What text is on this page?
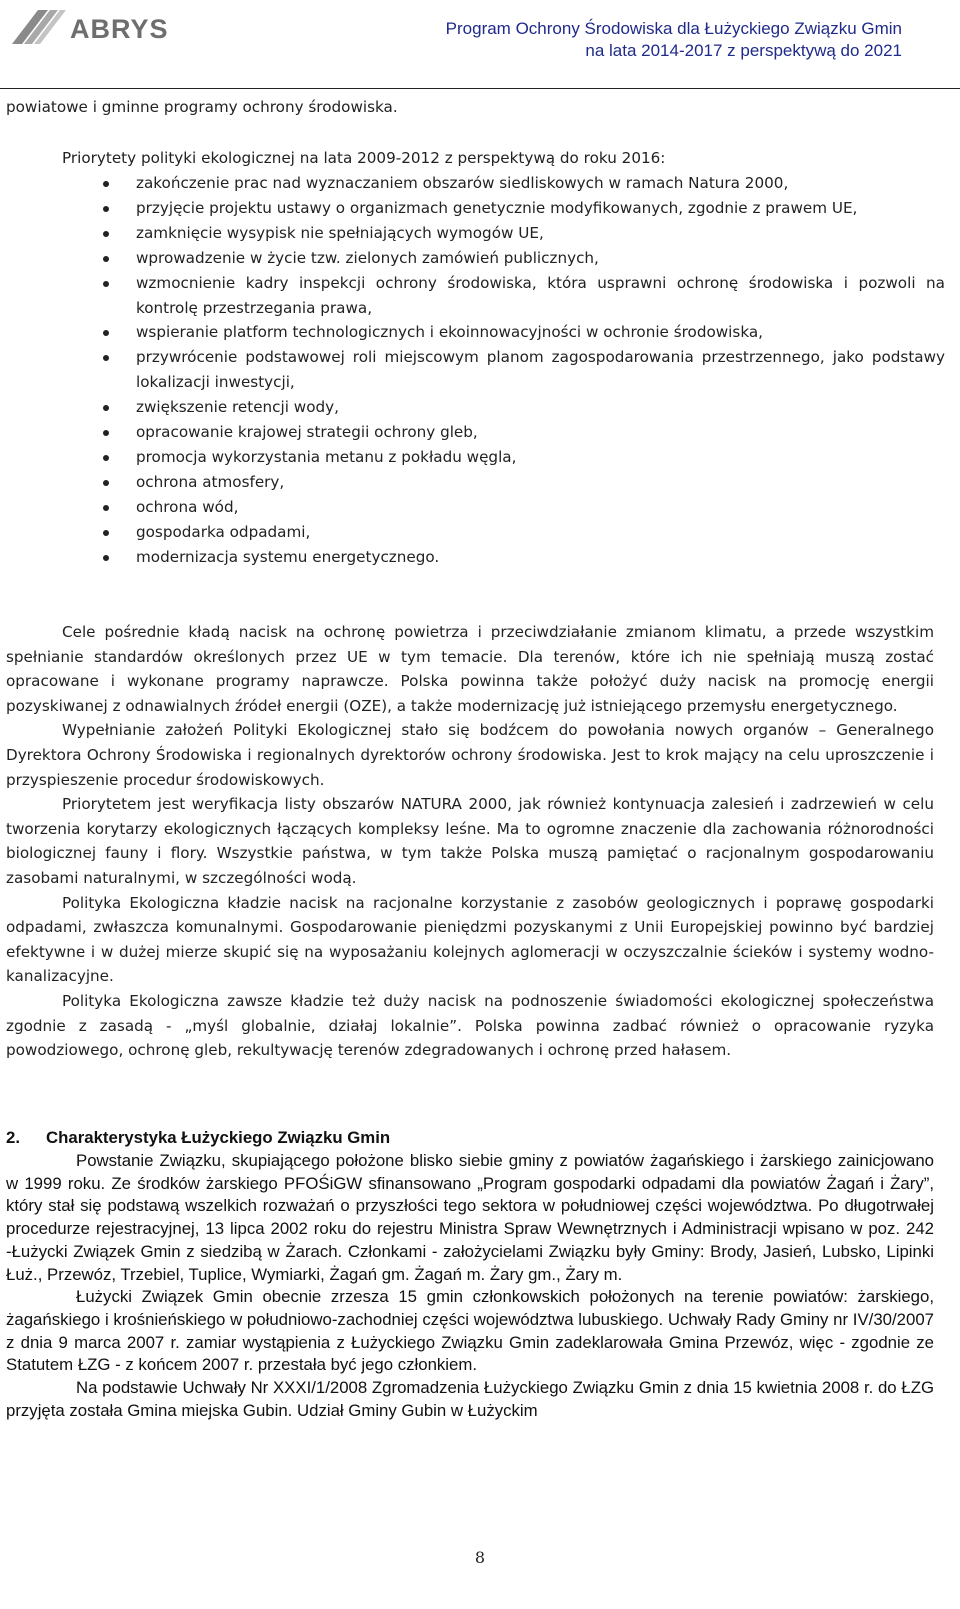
ABRYS	Program Ochrony Środowiska dla Łużyckiego Związku Gmin
na lata 2014-2017 z perspektywą do 2021
powiatowe i gminne programy ochrony środowiska.
Priorytety polityki ekologicznej na lata 2009-2012 z perspektywą do roku 2016:
zakończenie prac nad wyznaczaniem obszarów siedliskowych w ramach Natura 2000,
przyjęcie projektu ustawy o organizmach genetycznie modyfikowanych, zgodnie z prawem UE,
zamknięcie wysypisk nie spełniających wymogów UE,
wprowadzenie w życie tzw. zielonych zamówień publicznych,
wzmocnienie kadry inspekcji ochrony środowiska, która usprawni ochronę środowiska i pozwoli na kontrolę przestrzegania prawa,
wspieranie platform technologicznych i ekoinnowacyjności w ochronie środowiska,
przywrócenie podstawowej roli miejscowym planom zagospodarowania przestrzennego, jako podstawy lokalizacji inwestycji,
zwiększenie retencji wody,
opracowanie krajowej strategii ochrony gleb,
promocja wykorzystania metanu z pokładu węgla,
ochrona atmosfery,
ochrona wód,
gospodarka odpadami,
modernizacja systemu energetycznego.

Cele pośrednie kładą nacisk na ochronę powietrza i przeciwdziałanie zmianom klimatu, a przede wszystkim spełnianie standardów określonych przez UE w tym temacie. Dla terenów, które ich nie spełniają muszą zostać opracowane i wykonane programy naprawcze. Polska powinna także położyć duży nacisk na promocję energii pozyskiwanej z odnawialnych źródeł energii (OZE), a także modernizację już istniejącego przemysłu energetycznego.

Wypełnianie założeń Polityki Ekologicznej stało się bodźcem do powołania nowych organów – Generalnego Dyrektora Ochrony Środowiska i regionalnych dyrektorów ochrony środowiska. Jest to krok mający na celu uproszczenie i przyspieszenie procedur środowiskowych.

Priorytetem jest weryfikacja listy obszarów NATURA 2000, jak również kontynuacja zalesień i zadrzewień w celu tworzenia korytarzy ekologicznych łączących kompleksy leśne. Ma to ogromne znaczenie dla zachowania różnorodności biologicznej fauny i flory. Wszystkie państwa, w tym także Polska muszą pamiętać o racjonalnym gospodarowaniu zasobami naturalnymi, w szczególności wodą.

Polityka Ekologiczna kładzie nacisk na racjonalne korzystanie z zasobów geologicznych i poprawę gospodarki odpadami, zwłaszcza komunalnymi. Gospodarowanie pieniędzmi pozyskanymi z Unii Europejskiej powinno być bardziej efektywne i w dużej mierze skupić się na wyposażaniu kolejnych aglomeracji w oczyszczalnie ścieków i systemy wodno-kanalizacyjne.

Polityka Ekologiczna zawsze kładzie też duży nacisk na podnoszenie świadomości ekologicznej społeczeństwa zgodnie z zasadą - „myśl globalnie, działaj lokalnie”. Polska powinna zadbać również o opracowanie ryzyka powodziowego, ochronę gleb, rekultywację terenów zdegradowanych i ochronę przed hałasem.

2. Charakterystyka Łużyckiego Związku Gmin

Powstanie Związku, skupiającego położone blisko siebie gminy z powiatów żagańskiego i żarskiego zainicjowano w 1999 roku. Ze środków żarskiego PFOŚiGW sfinansowano „Program gospodarki odpadami dla powiatów Żagań i Żary”, który stał się podstawą wszelkich rozważań o przyszłości tego sektora w południowej części województwa. Po długotrwałej procedurze rejestracyjnej, 13 lipca 2002 roku do rejestru Ministra Spraw Wewnętrznych i Administracji wpisano w poz. 242 -Łużycki Związek Gmin z siedzibą w Żarach. Członkami - założycielami Związku były Gminy: Brody, Jasień, Lubsko, Lipinki Łuż., Przewóz, Trzebiel, Tuplice, Wymiarki, Żagań gm. Żagań m. Żary gm., Żary m.

Łużycki Związek Gmin obecnie zrzesza 15 gmin członkowskich położonych na terenie powiatów: żarskiego, żagańskiego i krośnieńskiego w południowo-zachodniej części województwa lubuskiego. Uchwały Rady Gminy nr IV/30/2007 z dnia 9 marca 2007 r. zamiar wystąpienia z Łużyckiego Związku Gmin zadeklarowała Gmina Przewóz, więc - zgodnie ze Statutem ŁZG - z końcem 2007 r. przestała być jego członkiem.

Na podstawie Uchwały Nr XXXI/1/2008 Zgromadzenia Łużyckiego Związku Gmin z dnia 15 kwietnia 2008 r. do ŁZG przyjęta została Gmina miejska Gubin. Udział Gminy Gubin w Łużyckim

8
